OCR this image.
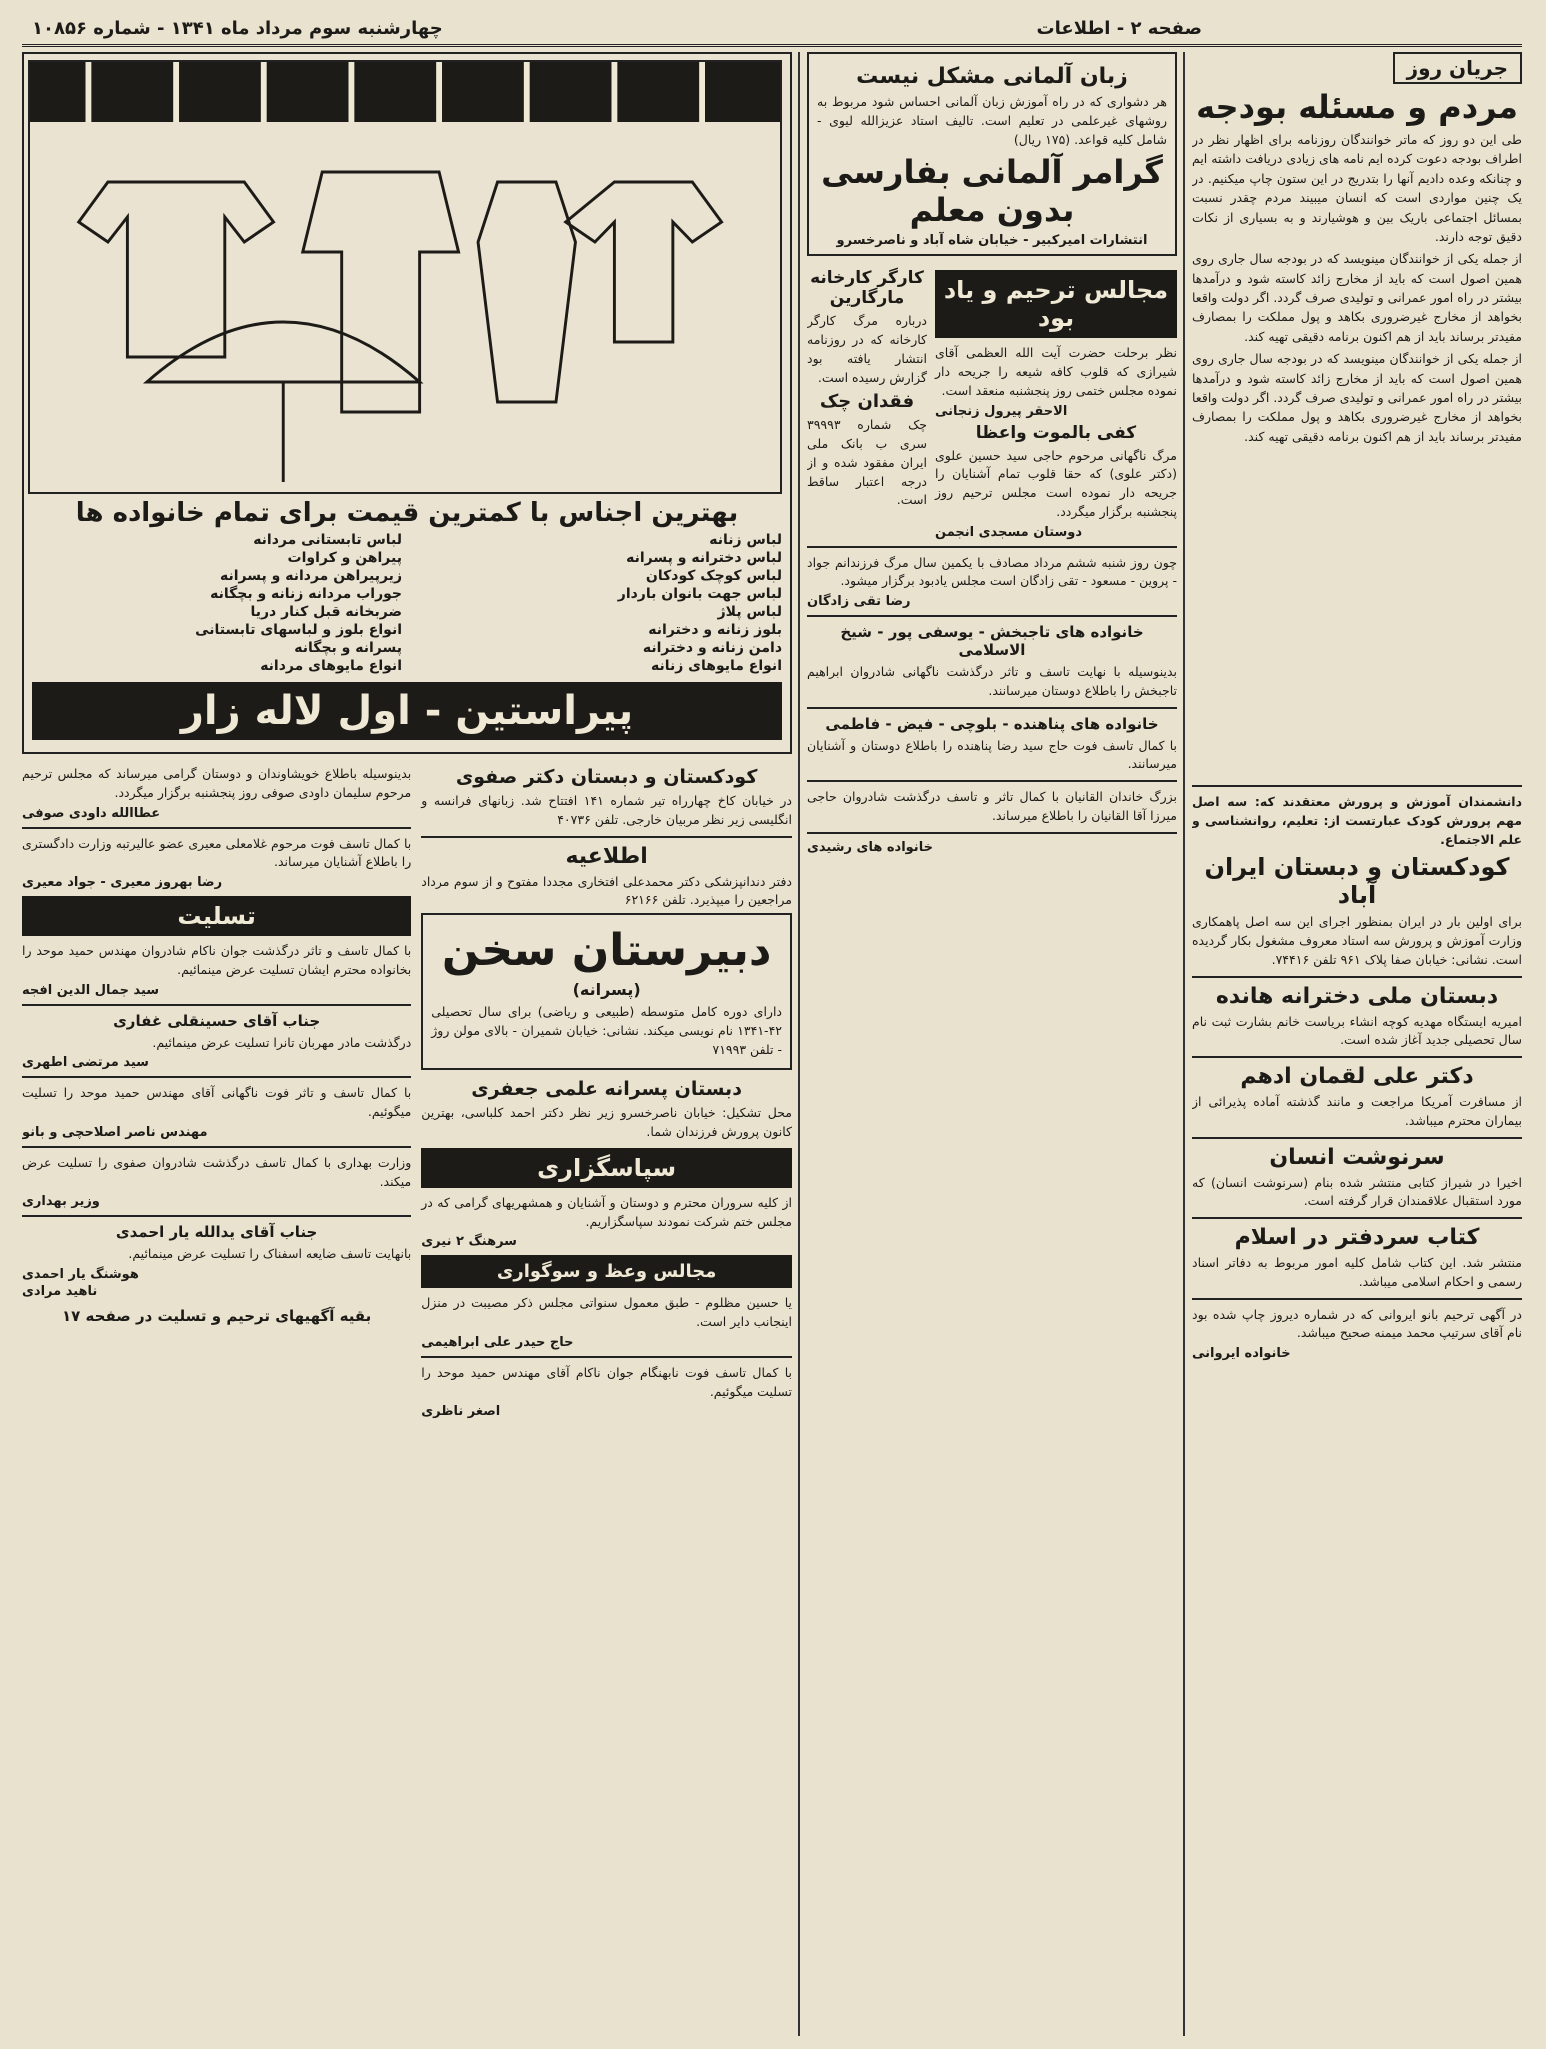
صفحه ۲ - اطلاعات
چهارشنبه سوم مرداد ماه ۱۳۴۱ - شماره ۱۰۸۵۶
جریان روز
مردم و مسئله بودجه
طی این دو روز که ماتر خوانندگان روزنامه برای اظهار نظر در اطراف بودجه دعوت کرده ایم نامه های زیادی دریافت داشته ایم و چنانکه وعده دادیم آنها را بتدریج در این ستون چاپ میکنیم. در یک چنین مواردی است که انسان میبیند مردم چقدر نسبت بمسائل اجتماعی باریک بین و هوشیارند و به بسیاری از نکات دقیق توجه دارند.
از جمله یکی از خوانندگان مینویسد که در بودجه سال جاری روی همین اصول است که باید از مخارج زائد کاسته شود و درآمدها بیشتر در راه امور عمرانی و تولیدی صرف گردد. اگر دولت واقعا بخواهد از مخارج غیرضروری بکاهد و پول مملکت را بمصارف مفیدتر برساند باید از هم اکنون برنامه دقیقی تهیه کند.
از جمله یکی از خوانندگان مینویسد که در بودجه سال جاری روی همین اصول است که باید از مخارج زائد کاسته شود و درآمدها بیشتر در راه امور عمرانی و تولیدی صرف گردد. اگر دولت واقعا بخواهد از مخارج غیرضروری بکاهد و پول مملکت را بمصارف مفیدتر برساند باید از هم اکنون برنامه دقیقی تهیه کند.
دانشمندان آموزش و پرورش معتقدند که: سه اصل مهم پرورش کودک عبارتست از: تعلیم، روانشناسی و علم الاجتماع.
کودکستان و دبستان ایران آباد
برای اولین بار در ایران بمنظور اجرای این سه اصل پاهمکاری وزارت آموزش و پرورش سه استاد معروف مشغول بکار گردیده است. نشانی: خیابان صفا پلاک ۹۶۱ تلفن ۷۴۴۱۶.
دبستان ملی دخترانه هانده
امیریه ایستگاه مهدیه کوچه انشاء بریاست خانم بشارت ثبت نام سال تحصیلی جدید آغاز شده است.
دکتر علی لقمان ادهم
از مسافرت آمریکا مراجعت و مانند گذشته آماده پذیرائی از بیماران محترم میباشد.
سرنوشت انسان
اخیرا در شیراز کتابی منتشر شده بنام (سرنوشت انسان) که مورد استقبال علاقمندان قرار گرفته است.
کتاب سردفتر در اسلام
منتشر شد. این کتاب شامل کلیه امور مربوط به دفاتر اسناد رسمی و احکام اسلامی میباشد.
در آگهی ترحیم بانو ایروانی که در شماره دیروز چاپ شده بود نام آقای سرتیپ محمد میمنه صحیح میباشد.
خانواده ایروانی
زبان آلمانی مشکل نیست
هر دشواری که در راه آموزش زبان آلمانی احساس شود مربوط به روشهای غیرعلمی در تعلیم است. تالیف استاد عزیزالله لیوی - شامل کلیه قواعد. (۱۷۵ ریال)
گرامر آلمانی بفارسی بدون معلم
انتشارات امیرکبیر - خیابان شاه آباد و ناصرخسرو
مجالس ترحیم و یاد بود
نظر برحلت حضرت آیت الله العظمی آقای شیرازی که قلوب کافه شیعه را جریحه دار نموده مجلس ختمی روز پنجشنبه منعقد است.
الاحقر پیرول زنجانی
کفی بالموت واعظا
مرگ ناگهانی مرحوم حاجی سید حسین علوی (دکتر علوی) که حقا قلوب تمام آشنایان را جریحه دار نموده است مجلس ترحیم روز پنجشنبه برگزار میگردد.
دوستان مسجدی انجمن
کارگر کارخانه مارگارین
درباره مرگ کارگر کارخانه که در روزنامه انتشار یافته بود گزارش رسیده است.
فقدان چک
چک شماره ۳۹۹۹۳ سری ب بانک ملی ایران مفقود شده و از درجه اعتبار ساقط است.
چون روز شنبه ششم مرداد مصادف با یکمین سال مرگ فرزندانم جواد - پروین - مسعود - تقی زادگان است مجلس یادبود برگزار میشود.
رضا تقی زادگان
خانواده های تاجبخش - یوسفی پور - شیخ الاسلامی
بدینوسیله با نهایت تاسف و تاثر درگذشت ناگهانی شادروان ابراهیم تاجبخش را باطلاع دوستان میرسانند.
خانواده های پناهنده - بلوچی - فیض - فاطمی
با کمال تاسف فوت حاج سید رضا پناهنده را باطلاع دوستان و آشنایان میرسانند.
بزرگ خاندان القانیان با کمال تاثر و تاسف درگذشت شادروان حاجی میرزا آقا القانیان را باطلاع میرساند.
خانواده های رشیدی
بهترین اجناس با کمترین قیمت برای تمام خانواده ها
لباس زنانه
لباس تابستانی مردانه
لباس دخترانه و پسرانه
پیراهن و کراوات
لباس کوچک کودکان
زیرپیراهن مردانه و پسرانه
لباس جهت بانوان باردار
جوراب مردانه زنانه و بچگانه
لباس پلاژ
ضربخانه قبل کنار دریا
بلوز زنانه و دخترانه
انواع بلوز و لباسهای تابستانی
دامن زنانه و دخترانه
پسرانه و بچگانه
انواع مایوهای زنانه
انواع مایوهای مردانه
پیراستین - اول لاله زار
کودکستان و دبستان دکتر صفوی
در خیابان کاخ چهارراه تیر شماره ۱۴۱ افتتاح شد. زبانهای فرانسه و انگلیسی زیر نظر مربیان خارجی. تلفن ۴۰۷۳۶
اطلاعیه
دفتر دندانپزشکی دکتر محمدعلی افتخاری مجددا مفتوح و از سوم مرداد مراجعین را میپذیرد. تلفن ۶۲۱۶۶
دبیرستان سخن
(پسرانه)
دارای دوره کامل متوسطه (طبیعی و ریاضی) برای سال تحصیلی ۴۲-۱۳۴۱ نام نویسی میکند. نشانی: خیابان شمیران - بالای مولن روژ - تلفن ۷۱۹۹۳
دبستان پسرانه علمی جعفری
محل تشکیل: خیابان ناصرخسرو زیر نظر دکتر احمد کلباسی، بهترین کانون پرورش فرزندان شما.
سپاسگزاری
از کلیه سروران محترم و دوستان و آشنایان و همشهریهای گرامی که در مجلس ختم شرکت نمودند سپاسگزاریم.
سرهنگ ۲ نیری
مجالس وعظ و سوگواری
یا حسین مظلوم - طبق معمول سنواتی مجلس ذکر مصیبت در منزل اینجانب دایر است.
حاج حیدر علی ابراهیمی
با کمال تاسف فوت نابهنگام جوان ناکام آقای مهندس حمید موحد را تسلیت میگوئیم.
اصغر ناظری
بدینوسیله باطلاع خویشاوندان و دوستان گرامی میرساند که مجلس ترحیم مرحوم سلیمان داودی صوفی روز پنجشنبه برگزار میگردد.
عطاالله داودی صوفی
با کمال تاسف فوت مرحوم غلامعلی معیری عضو عالیرتبه وزارت دادگستری را باطلاع آشنایان میرساند.
رضا بهروز معیری - جواد معیری
تسلیت
با کمال تاسف و تاثر درگذشت جوان ناکام شادروان مهندس حمید موحد را بخانواده محترم ایشان تسلیت عرض مینمائیم.
سید جمال الدین افجه
جناب آقای حسینقلی غفاری
درگذشت مادر مهربان تانرا تسلیت عرض مینمائیم.
سید مرتضی اطهری
با کمال تاسف و تاثر فوت ناگهانی آقای مهندس حمید موحد را تسلیت میگوئیم.
مهندس ناصر اصلاحچی و بانو
وزارت بهداری با کمال تاسف درگذشت شادروان صفوی را تسلیت عرض میکند.
وزیر بهداری
جناب آقای یدالله یار احمدی
بانهایت تاسف ضایعه اسفناک را تسلیت عرض مینمائیم.
هوشنگ یار احمدی
ناهید مرادی
بقیه آگهیهای ترحیم و تسلیت در صفحه ۱۷
